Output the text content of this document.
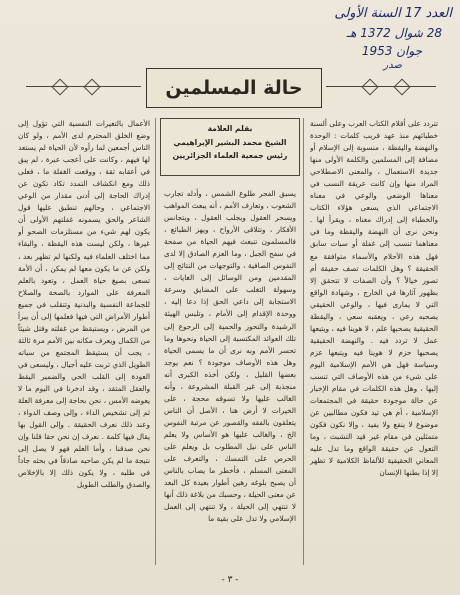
العدد 17 السنة الأولى
28 شوال 1372 هـ
جوان 1953
صدر
حالة المسلمين

تتردد على أقلام الكتاب العرب وعلى ألسنة خطبائهم منذ عهد قريب كلمات : الوحدة والنهضة واليقظة ، منسوبة إلى الإسلام أو مضافة إلى المسلمين والكلمة الأولى منها جديدة الاستعمال ، والمعنى الاصطلاحي المراد منها وإن كانت عريقة النسب في معناها الوضعي والوعي في معناه الاجتماعي الذي يسعى هؤلاء الكتاب والخطباء إلى إدراك معناه ، ويقرأ لها . ونحن نرى أن النهضة واليقظة وما في معناهما تنسب إلى غفلة أو سبات سابق فهل هذه الأحلام والأسماء متوافقة مع الحقيقة ؟ وهل الكلمات تصف حقيقة أم تصور خيالاً ؟ وأن الصفات لا تتحقق إلا بظهور آثارها في الخارج ، وشهادة الواقع التي لا يمارى فيها ، والوعي الحقيقي يصحبه رعي ، ويعقبه سعي ، واليقظة الحقيقية يصحبها علم ، لا هوينا فيه ، ويتبعها عمل لا تردد فيه . والنهضة الحقيقية يصحبها حزم لا هوينا فيه ويتبعها عزم وسياسة فهل هي الأمم الإسلامية اليوم على شيء من هذه الأوصاف التي تنسب إليها ، وهل هذه الكلمات في مقام الإخبار عن حالة موجودة حقيقة في المجتمعات الإسلامية ، أم هي تيد فكون مطالبين عن موضوع لا ينفع ولا يفيد ، وإلا نكون فكون متمثلين في مقام غير قيد التشبث ، وما التعول عن حقيقة الواقع وما تدل عليه المعاني الحقيقية للألفاظ الكلامية لا تظهر إلا إذا بطنها الإنسان

بقلم العلامة
الشيخ محمد البشير الإبراهيمي
رئيس جمعية العلماء الجزائريين

يسبق الفجر طلوع الشمس ، وأدله تجارب الشعوب ، وتعارف الأمم ، أنه يبعث المواهب ويسحر العقول ويجلب العقول ، ويتجانس الأفكار ، وتتلاقى الأرواح ، ويهز الطبائع ، فالمسلمون تنبعث فيهم الحياة من صفحة في سفح الجبل ، وما العزم الصادق إلا لدى النفوس الصافية ، والتوجهات من النتائج إلى المقدمين ومن الوسائل إلى الغايات ، وسهولة التغلب على المضايق وسرعة الاستجابة إلى داعي الحق إذا دعا إليه ، ووحدة الإقدام إلى الأمام ، وتلبس الهيئة الرشيدة والتحور والحمية إلى الرجوع إلى تلك العوائد المكتسبة إلى الحياة ونحوها وما تحسر الأمم وبه نرى أن ما يسمى الحياة وهل هذه الأوصاف موجودة ؟ نعم يوجد بعضها القليل ، ولكن أخذه الكبرى أنه منجذبة إلى غير القبلة المشروعة ، وأنه الغالب عليها ولا تسوقه محجة ، على الخيرات لا أرض هنا ، الأصل أن الناس يتعلقون بالفقه والقصور عن مرتبة النفوس الخ ، والغالب عليها هو الأساس ولا يعلم الناس على نيل المطلوب بل ويعلم على الحرص على التمسك ، والتعرف على المعنى المسلم ، فأخطر ما يصاب بالناس أن يصبح بلوغه رهين أطوار بعيدة كل البعد عن معنى الحيلة ، وحسبك من بلاغة ذلك أنها لا تنتهي إلى الحيلة ، ولا تنتهي إلى العمل الإسلامي ولا تدل على بقية ما

الأعمال بالتغيرات النفسية التي تؤول إلى وضع الخلق المحترم لدى الأمم ، ولو كان الناس أجمعين لما رأوه لأن الحياة لم يستعد لها فيهم ، وكانت على أعجب عبرة ، لم يبق في أعقابه ثقة ، ووقعت الغفلة ما ، فعلى ذلك ومع انكشاف التمدد تكاد تكون عن إدراك الحاجة إلى أدنى مقدار من الوعي الاجتماعي ، وحالهم تنطبق عليها قول الشاعر والحق يسمونه غفلتهم الأولى أن يكون لهم شيء من مستلزمات الصحو أو غيرها ، ولكن ليست هذه اليقظة ، والبقاء مما اختلف العلماء فيه ولكنها لم تظهر بعد ، ولكن عن ما يكون معها لم يمكن ، أن الأمة تسعى بصيغ حياة العمل ، وتعود بالعلم المعرفة على الموارد بالصحة والصلاح للجماعة النفسية والبدنية وتتقلب في جميع أطوار الأمراض التي فيها فعلمها إلى أن يبرأ من المرض ، ويستيقظ من غفلته وقتل شيئاً من الكمال ويعرف مكانه بين الأمم مرة ثالثة ، يجب أن يستيقظ المجتمع من سباته الطويل الذي تربت عليه أجيال ، وليسعى في العودة إلى القلب الحي والضمير اليقظ والعقل المتقد ، وقد ادخرنا في اليوم ما لا يعوضه الأمس ، نحن بحاجة إلى معرفة العلة ثم إلى تشخيص الداء ، وإلى وصف الدواء ، وعند ذلك نعرف الحقيقة . وإلى القول بها يقال فيها كلمة . نعرف إن نحن حقا قلنا وإن نحن صدقنا ، وأما العلم فهو لا يصل إلى نتيجة ما لم يكن صاحبه صادقاً في بحثه جاداً في طلبه ، ولا يكون ذلك إلا بالإخلاص والصدق والطلب الطويل

- ٣ -
